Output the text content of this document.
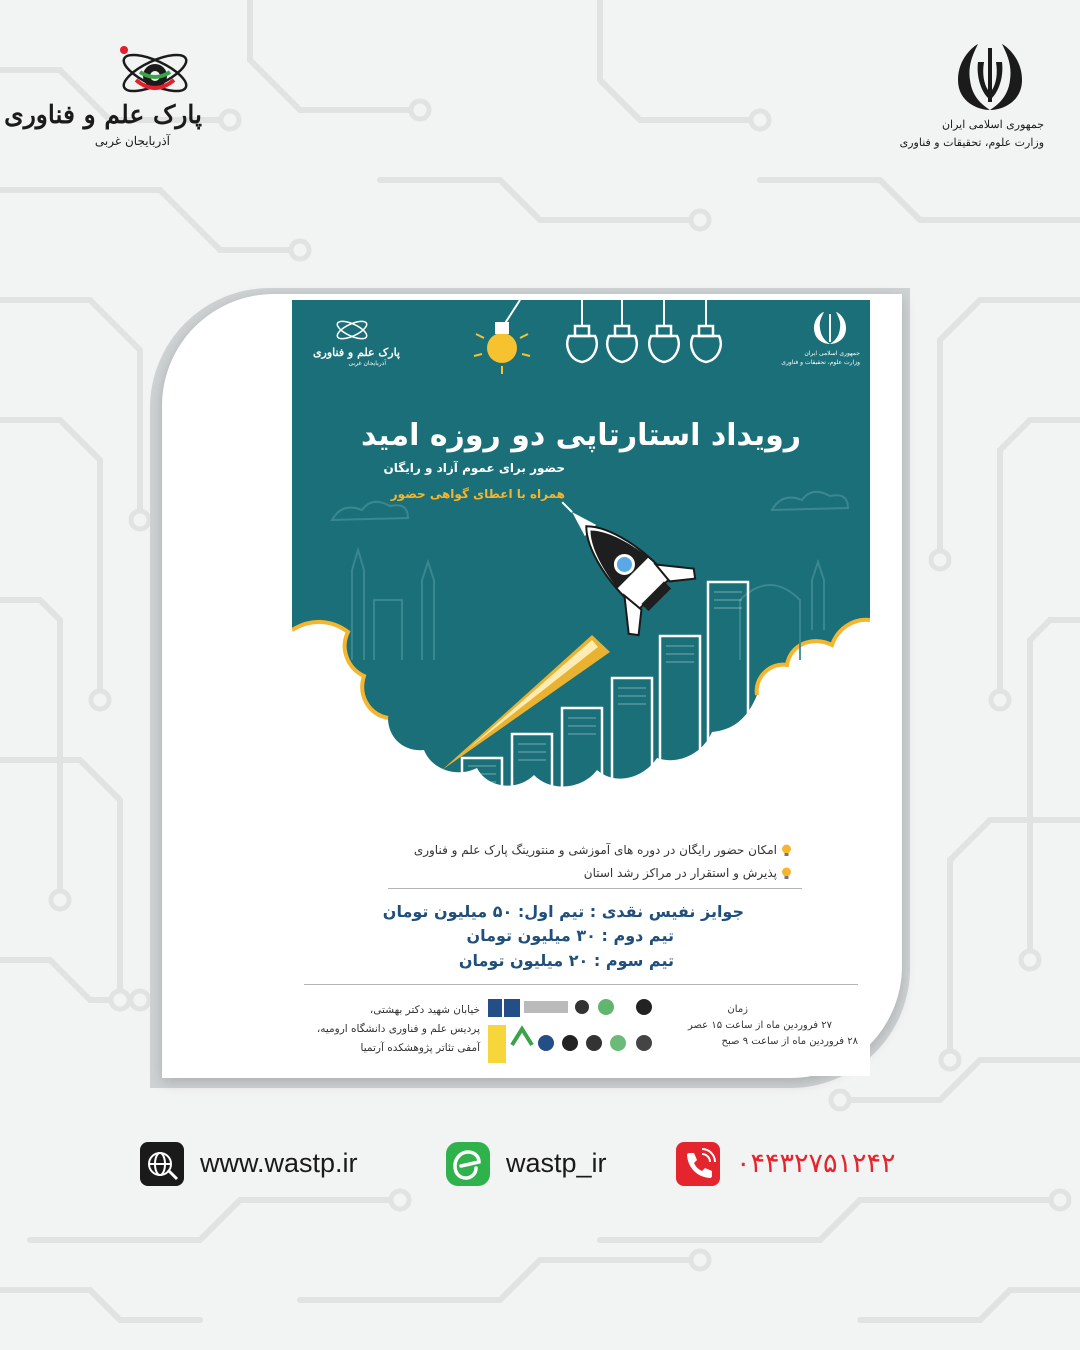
پارک علم و فناوری
آذربایجان غربی
جمهوری اسلامی ایران
وزارت علوم، تحقیقات و فناوری
پارک علم و فناوری
آذربایجان غربی
جمهوری اسلامی ایران
وزارت علوم، تحقیقات و فناوری
رویداد استارتاپی دو روزه امید
حضور برای عموم آزاد و رایگان
همراه با اعطای گواهی حضور
امکان حضور رایگان در دوره های آموزشی و منتورینگ پارک علم و فناوری
پذیرش و استقرار در مراکز رشد استان
جوایز نفیس نقدی : تیم اول: ۵۰ میلیون تومان
تیم دوم : ۳۰ میلیون تومان
تیم سوم : ۲۰ میلیون تومان
خیابان شهید دکتر بهشتی،
پردیس علم و فناوری دانشگاه ارومیه،
آمفی تئاتر پژوهشکده آرتمیا
زمان
۲۷ فروردین ماه از ساعت ۱۵ عصر
۲۸ فروردین ماه از ساعت ۹ صبح
www.wastp.ir	wastp_ir	۰۴۴۳۲۷۵۱۲۴۲
